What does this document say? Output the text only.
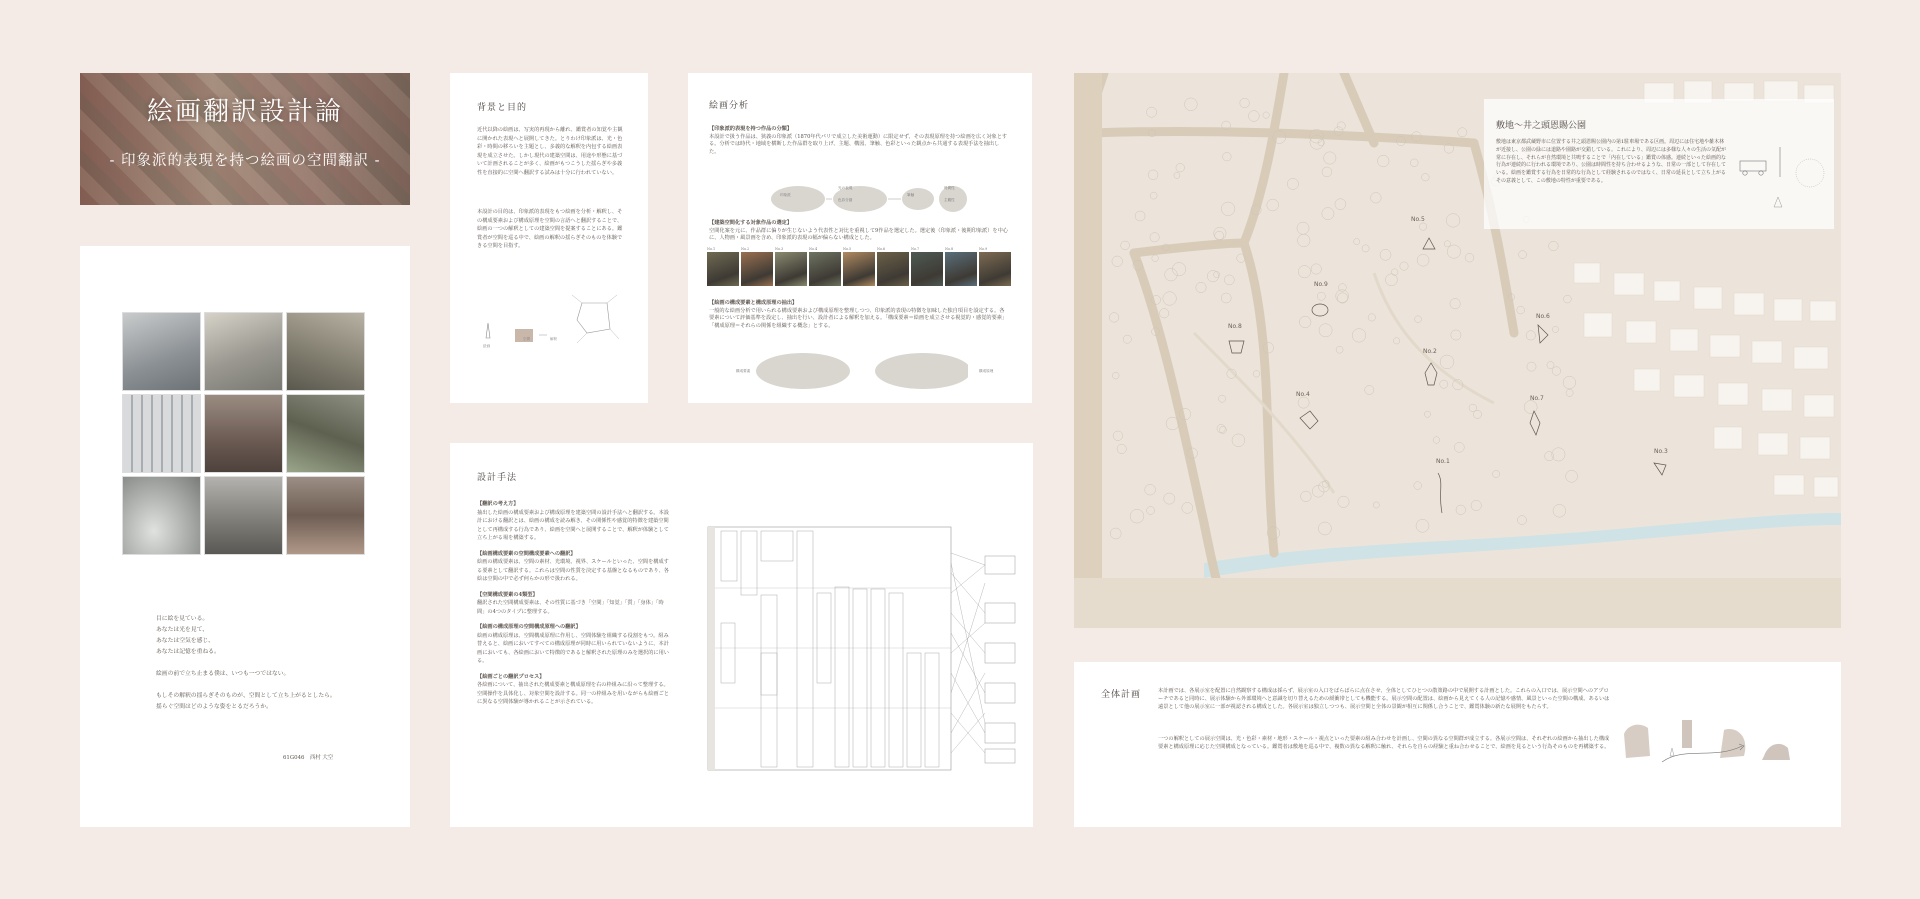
絵画翻訳設計論
- 印象派的表現を持つ絵画の空間翻訳 -

目に絵を見ている。

あなたは光を見て、

あなたは空気を感じ、

あなたは記憶を重ねる。

絵画の前で立ち止まる僕は、いつも一つではない。

もしその解釈の揺らぎそのものが、空間として立ち上がるとしたら。

揺らぐ空間はどのような姿をとるだろうか。

61G046　西村 大空
背景と目的
近代以降の絵画は、写実的再現から離れ、鑑賞者の知覚や主観に開かれた表現へと展開してきた。とりわけ印象派は、光・色彩・時間の移ろいを主題とし、多義的な解釈を内包する絵画表現を成立させた。しかし現代の建築空間は、用途や形態に基づいて計画されることが多く、絵画がもつこうした揺らぎや多義性を直接的に空間へ翻訳する試みは十分に行われていない。
本設計の目的は、印象派的表現をもつ絵画を分析・解釈し、その構成要素および構成原理を空間の言語へと翻訳することで、絵画の一つの解釈としての建築空間を提案することにある。鑑賞者が空間を巡る中で、絵画の解釈の揺らぎそのものを体験できる空間を目指す。
絵画
空間	解釈
絵画分析
【印象派的表現を持つ作品の分類】
本設計で扱う作品は、狭義の印象派（1870年代パリで成立した美術運動）に限定せず、その表現原理を持つ絵画を広く対象とする。分析では時代・地域を横断した作品群を取り上げ、主題、構図、筆触、色彩といった観点から共通する表現手法を抽出した。
印象派
光の表現
色彩分割
筆触
時間性
主観性
【建築空間化する対象作品の選定】
空間化案を元に、作品群に偏りが生じないよう代表性と対比を重視して9作品を選定した。選定後（印象派・後期印象派）を中心に、人物画・風景画を含め、印象派的表現の幅が偏らない構成とした。
No.1	No.2	No.3	No.4	No.5	No.6	No.7	No.8	No.9
【絵画の構成要素と構成原理の抽出】
一般的な絵画分析で用いられる構成要素および構成原理を整理しつつ、印象派的表現の特徴を加味した独自項目を設定する。各要素について評価基準を設定し、抽出を行い、設計者による解釈を加える。「構成要素＝絵画を成立させる視覚的・感覚的要素」「構成原理＝それらの関係を組織する概念」とする。
構成要素	構成原理
設計手法
【翻訳の考え方】
抽出した絵画の構成要素および構成原理を建築空間の設計手法へと翻訳する。本設計における翻訳とは、絵画の構成を読み解き、その関係性や感覚的特徴を建築空間として再構成する行為であり、絵画を空間へと展開することで、解釈が体験として立ち上がる場を構築する。
【絵画構成要素の空間構成要素への翻訳】
絵画の構成要素は、空間の素材、光環境、視界、スケールといった、空間を構成する要素として翻訳する。これらは空間の性質を決定する基盤となるものであり、各絵は空間の中で必ず何らかの形で扱われる。
【空間構成要素の4類型】
翻訳された空間構成要素は、その性質に基づき「空間」「知覚」「質」「身体」「時間」の4つのタイプに整理する。
【絵画の構成原理の空間構成原理への翻訳】
絵画の構成原理は、空間構成原理に作用し、空間体験を組織する役割をもつ。組み替えると、絵画においてすべての構成原理が同時に用いられていないように、本計画においても、各絵画において特徴的であると解釈された原理のみを選択的に用いる。
【絵画ごとの翻訳プロセス】
各絵画について、抽出された構成要素と構成原理を右の枠組みに沿って整理する。空間操作を具体化し、対象空間を設計する。同一の枠組みを用いながらも絵画ごとに異なる空間体験が導かれることが示されている。
No.5
No.9
No.8
No.2
No.6
No.4
No.7
No.1
No.3
敷地～井之頭恩賜公園
敷地は東京都武蔵野市に位置する井之頭恩賜公園内の第1駐車場である区画。周辺には住宅地や雑木林が近接し、公園の緑には道路や園路が交錯している。これにより、周辺には多様な人々の生活の気配が常に存在し、それらが自然環境と共鳴することで「内在している」鑑賞の体感。連続といった絵画的な行為が連続的に行われる環境であり、公園は時間性を持ち合わせるような、日常の一部として存在している。絵画を鑑賞する行為を日常的な行為として経験されるのではなく、日常の延長として立ち上がるその意義として、この敷地の特性が重要である。
全体計画	本計画では、各展示室を配置に自然観察する構成は採らず、展示室の入口をばらばらに点在させ、全体としてひとつの散策路の中で展開する計画とした。これらの入口では、展示空間へのアプローチであると同時に、展示体験から外部環境へと意識を切り替えるための緩衝帯としても機能する。展示空間の配置は、絵画から見えてくる人の記憶や感情、風景といった空間の構成、あるいは遠景として他の展示室に一部が視認される構成とした。各展示室は独立しつつも、展示空間と全体の景観が相互に関係し合うことで、鑑賞体験の新たな展開をもたらす。
一つの解釈としての展示空間は、光・色彩・素材・地形・スケール・視点といった要素の組み合わせを計画し、空間の異なる空間群が成立する。各展示空間は、それぞれの絵画から抽出した構成要素と構成原理に応じた空間構成となっている。鑑賞者は敷地を巡る中で、複数の異なる解釈に触れ、それらを自らの経験と重ね合わせることで、絵画を見るという行為そのものを再構築する。
